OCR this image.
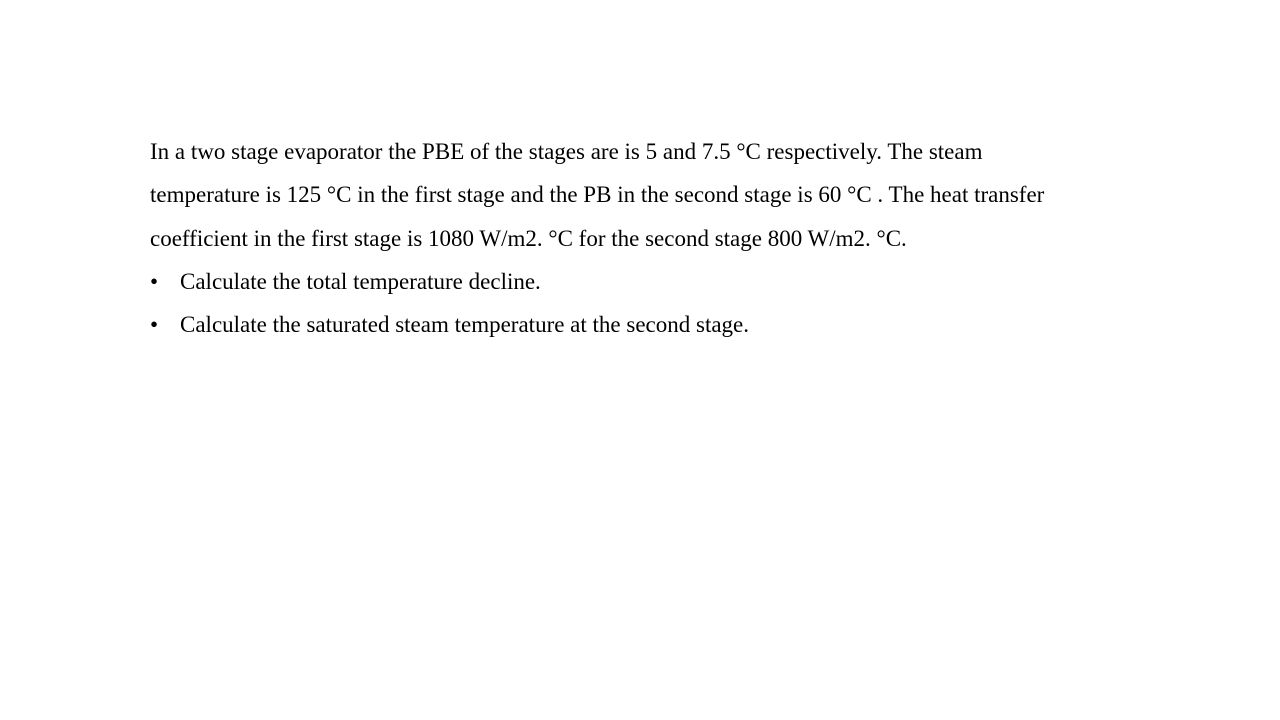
In a two stage evaporator the PBE of the stages are is 5 and 7.5 °C respectively. The steam

temperature is 125 °C in the first stage and the PB in the second stage is 60 °C . The heat transfer

coefficient in the first stage is 1080 W/m2. °C for the second stage 800 W/m2. °C.

• Calculate the total temperature decline.
• Calculate the saturated steam temperature at the second stage.
